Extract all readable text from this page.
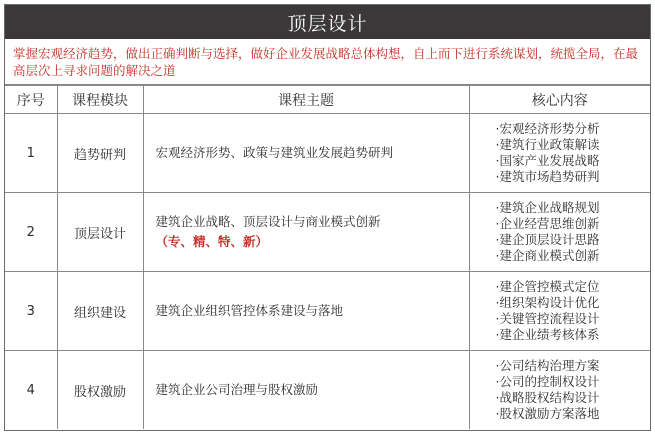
顶层设计
掌握宏观经济趋势，做出正确判断与选择，做好企业发展战略总体构想，自上而下进行系统谋划，统揽全局，在最高层次上寻求问题的解决之道
序号	课程模块	课程主题	核心内容
1	趋势研判	宏观经济形势、政策与建筑业发展趋势研判	·宏观经济形势分析
·建筑行业政策解读
·国家产业发展战略
·建筑市场趋势研判

2	顶层设计	建筑企业战略、顶层设计与商业模式创新
（专、精、特、新）	·建筑企业战略规划
·企业经营思维创新
·建企顶层设计思路
·建企商业模式创新

3	组织建设	建筑企业组织管控体系建设与落地	·建企管控模式定位
·组织架构设计优化
·关键管控流程设计
·建企业绩考核体系

4	股权激励	建筑企业公司治理与股权激励	·公司结构治理方案
·公司的控制权设计
·战略股权结构设计
·股权激励方案落地
